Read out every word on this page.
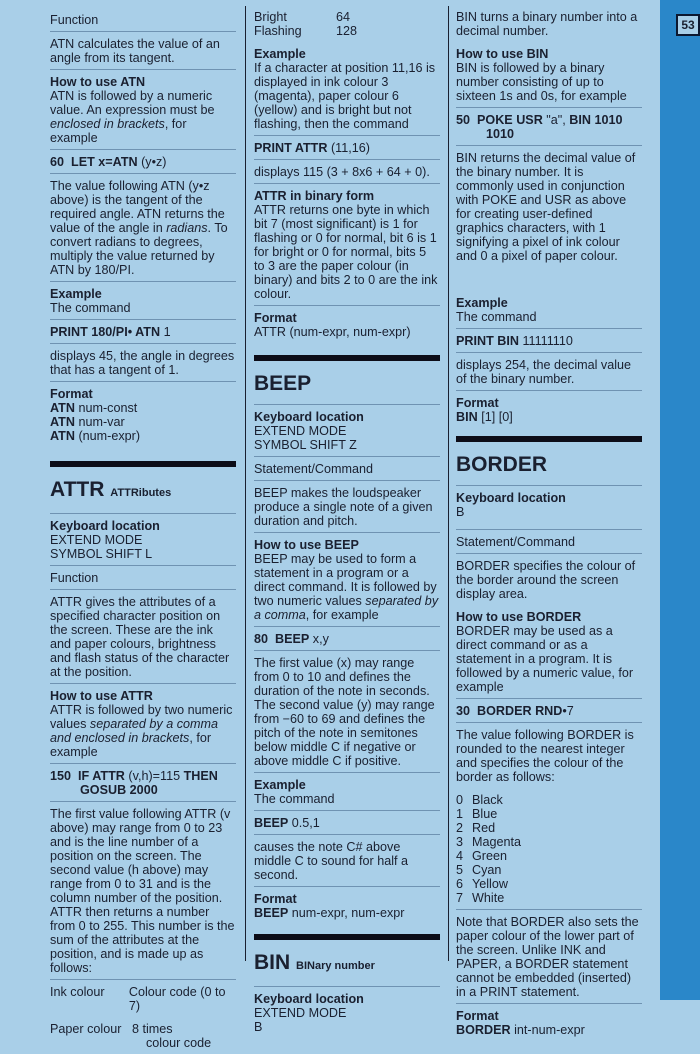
53

Function

ATN calculates the value of an angle from its tangent.

How to use ATN

ATN is followed by a numeric value. An expression must be enclosed in brackets, for example

60 LET x=ATN (y•z)

The value following ATN (y•z above) is the tangent of the required angle. ATN returns the value of the angle in radians. To convert radians to degrees, multiply the value returned by ATN by 180/PI.

Example

The command

PRINT 180/PI• ATN 1

displays 45, the angle in degrees that has a tangent of 1.

Format

ATN num-const

ATN num-var

ATN (num-expr)

ATTR ATTRibutes

Keyboard location

EXTEND MODE

SYMBOL SHIFT L

Function

ATTR gives the attributes of a specified character position on the screen. These are the ink and paper colours, brightness and flash status of the character at the position.

How to use ATTR

ATTR is followed by two numeric values separated by a comma and enclosed in brackets, for example

150 IF ATTR (v,h)=115 THEN

GOSUB 2000

The first value following ATTR (v above) may range from 0 to 23 and is the line number of a position on the screen. The second value (h above) may range from 0 to 31 and is the column number of the position. ATTR then returns a number from 0 to 255. This number is the sum of the attributes at the position, and is made up as follows:

Ink colour	Colour code (0 to 7)
Paper colour 8 times
colour code
Bright	64
Flashing	128

Example

If a character at position 11,16 is displayed in ink colour 3 (magenta), paper colour 6 (yellow) and is bright but not flashing, then the command

PRINT ATTR (11,16)

displays 115 (3 + 8x6 + 64 + 0).

ATTR in binary form

ATTR returns one byte in which bit 7 (most significant) is 1 for flashing or 0 for normal, bit 6 is 1 for bright or 0 for normal, bits 5 to 3 are the paper colour (in binary) and bits 2 to 0 are the ink colour.

Format

ATTR (num-expr, num-expr)

BEEP

Keyboard location

EXTEND MODE

SYMBOL SHIFT Z

Statement/Command

BEEP makes the loudspeaker produce a single note of a given duration and pitch.

How to use BEEP

BEEP may be used to form a statement in a program or a direct command. It is followed by two numeric values separated by a comma, for example

80 BEEP x,y

The first value (x) may range from 0 to 10 and defines the duration of the note in seconds. The second value (y) may range from −60 to 69 and defines the pitch of the note in semitones below middle C if negative or above middle C if positive.

Example

The command

BEEP 0.5,1

causes the note C# above middle C to sound for half a second.

Format

BEEP num-expr, num-expr

BIN BINary number

Keyboard location

EXTEND MODE

B

BIN turns a binary number into a decimal number.

How to use BIN

BIN is followed by a binary number consisting of up to sixteen 1s and 0s, for example

50 POKE USR "a", BIN 1010

1010

BIN returns the decimal value of the binary number. It is commonly used in conjunction with POKE and USR as above for creating user-defined graphics characters, with 1 signifying a pixel of ink colour and 0 a pixel of paper colour.

Example

The command

PRINT BIN 11111110

displays 254, the decimal value of the binary number.

Format

BIN [1] [0]

BORDER

Keyboard location

B

Statement/Command

BORDER specifies the colour of the border around the screen display area.

How to use BORDER

BORDER may be used as a direct command or as a statement in a program. It is followed by a numeric value, for example

30 BORDER RND•7

The value following BORDER is rounded to the nearest integer and specifies the colour of the border as follows:

0 Black

1 Blue

2 Red

3 Magenta

4 Green

5 Cyan

6 Yellow

7 White

Note that BORDER also sets the paper colour of the lower part of the screen. Unlike INK and PAPER, a BORDER statement cannot be embedded (inserted) in a PRINT statement.

Format

BORDER int-num-expr
